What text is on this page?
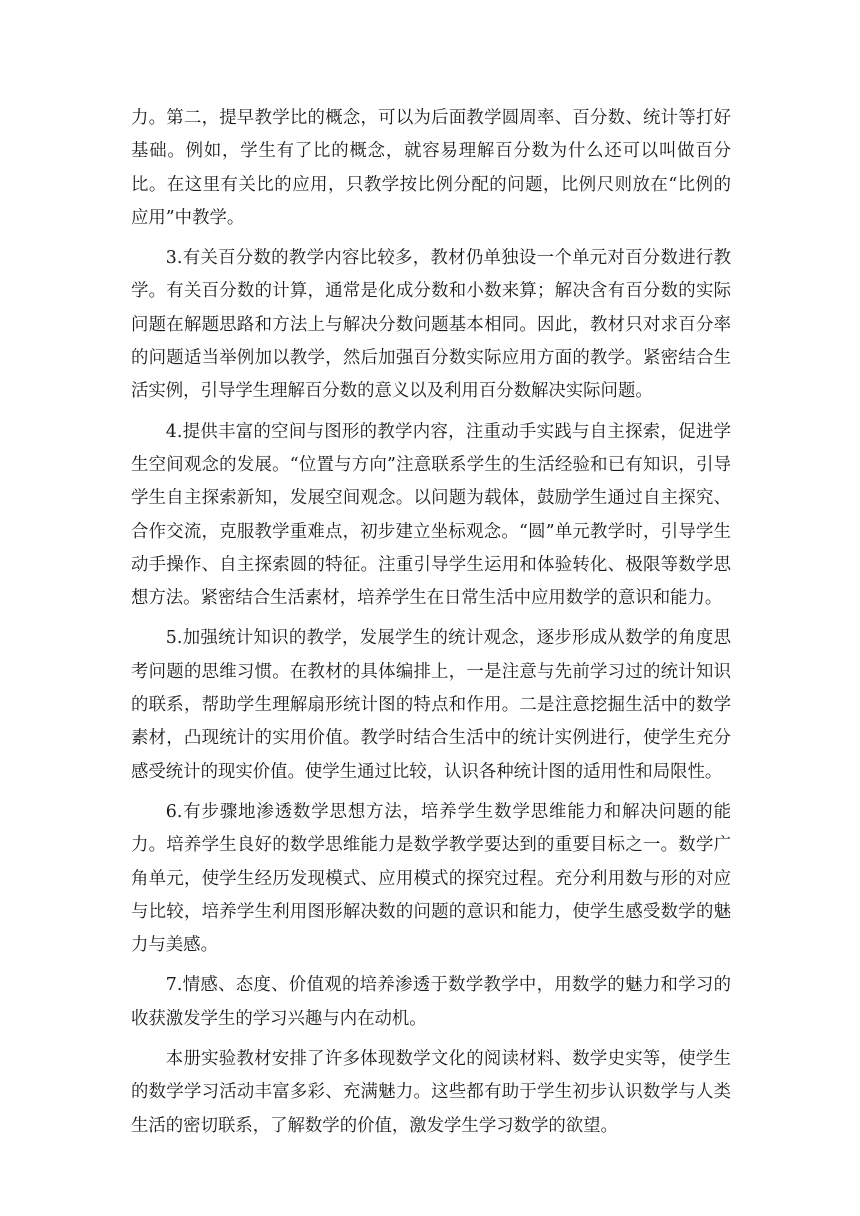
力。第二，提早教学比的概念，可以为后面教学圆周率、百分数、统计等打好基础。例如，学生有了比的概念，就容易理解百分数为什么还可以叫做百分比。在这里有关比的应用，只教学按比例分配的问题，比例尺则放在“比例的应用”中教学。

3.有关百分数的教学内容比较多，教材仍单独设一个单元对百分数进行教学。有关百分数的计算，通常是化成分数和小数来算；解决含有百分数的实际问题在解题思路和方法上与解决分数问题基本相同。因此，教材只对求百分率的问题适当举例加以教学，然后加强百分数实际应用方面的教学。紧密结合生活实例，引导学生理解百分数的意义以及利用百分数解决实际问题。

4.提供丰富的空间与图形的教学内容，注重动手实践与自主探索，促进学生空间观念的发展。“位置与方向”注意联系学生的生活经验和已有知识，引导学生自主探索新知，发展空间观念。以问题为载体，鼓励学生通过自主探究、合作交流，克服教学重难点，初步建立坐标观念。“圆”单元教学时，引导学生动手操作、自主探索圆的特征。注重引导学生运用和体验转化、极限等数学思想方法。紧密结合生活素材，培养学生在日常生活中应用数学的意识和能力。

5.加强统计知识的教学，发展学生的统计观念，逐步形成从数学的角度思考问题的思维习惯。在教材的具体编排上，一是注意与先前学习过的统计知识的联系，帮助学生理解扇形统计图的特点和作用。二是注意挖掘生活中的数学素材，凸现统计的实用价值。教学时结合生活中的统计实例进行，使学生充分感受统计的现实价值。使学生通过比较，认识各种统计图的适用性和局限性。

6.有步骤地渗透数学思想方法，培养学生数学思维能力和解决问题的能力。培养学生良好的数学思维能力是数学教学要达到的重要目标之一。数学广角单元，使学生经历发现模式、应用模式的探究过程。充分利用数与形的对应与比较，培养学生利用图形解决数的问题的意识和能力，使学生感受数学的魅力与美感。

7.情感、态度、价值观的培养渗透于数学教学中，用数学的魅力和学习的收获激发学生的学习兴趣与内在动机。

本册实验教材安排了许多体现数学文化的阅读材料、数学史实等，使学生的数学学习活动丰富多彩、充满魅力。这些都有助于学生初步认识数学与人类生活的密切联系，了解数学的价值，激发学生学习数学的欲望。
